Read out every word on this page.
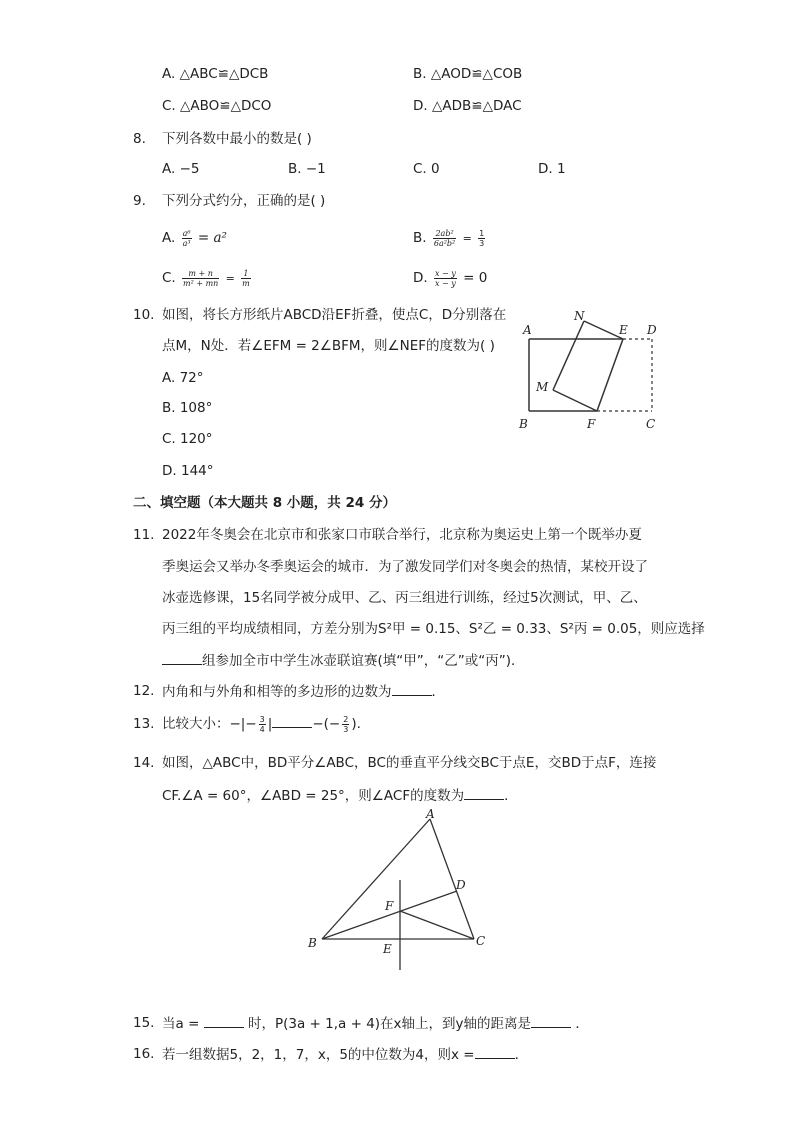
A. △ABC≌△DCB	B. △AOD≌△COB
C. △ABO≌△DCO	D. △ADB≌△DAC
8. 下列各数中最小的数是( )
A. −5	B. −1	C. 0	D. 1
9. 下列分式约分，正确的是( )
A. $\frac{\text{a⁶}}{\text{a³}} = a^2$	B. $\frac{\text{2ab²}}{\text{6a²b²}} = \frac{1}{3}$
C. $\frac{m + n}{\text{m² + mn}} = \frac{1}{m}$	D. $\frac{x - y}{x - y} = 0$
10. 如图，将长方形纸片ABCD沿EF折叠，使点C，D分别落在
点M，N处．若∠EFM = 2∠BFM，则∠NEF的度数为( )
A. 72°
B. 108°
C. 120°
D. 144°
A
N
E D
M
B	F	C
二、填空题（本大题共 8 小题，共 24 分）
11. 2022年冬奥会在北京市和张家口市联合举行，北京称为奥运史上第一个既举办夏
季奥运会又举办冬季奥运会的城市．为了激发同学们对冬奥会的热情，某校开设了
冰壶选修课，15名同学被分成甲、乙、丙三组进行训练，经过5次测试，甲、乙、
丙三组的平均成绩相同，方差分别为S²甲 = 0.15、S²乙 = 0.33、S²丙 = 0.05，则应选择
组参加全市中学生冰壶联谊赛(填“甲”，“乙”或“丙”)．
12. 内角和与外角和相等的多边形的边数为	．
13. 比较大小：−|− $\frac{3}{4}$ |	−(− $\frac{2}{3}$ ).
14. 如图，△ABC中，BD平分∠ABC，BC的垂直平分线交BC于点E，交BD于点F，连接
CF.∠A = 60°，∠ABD = 25°，则∠ACF的度数为	．
A
D
F
B	C
E
15. 当a =	时，P(3a + 1,a + 4)在x轴上，到y轴的距离是	．
16. 若一组数据5，2，1，7，x，5的中位数为4，则x =	．
